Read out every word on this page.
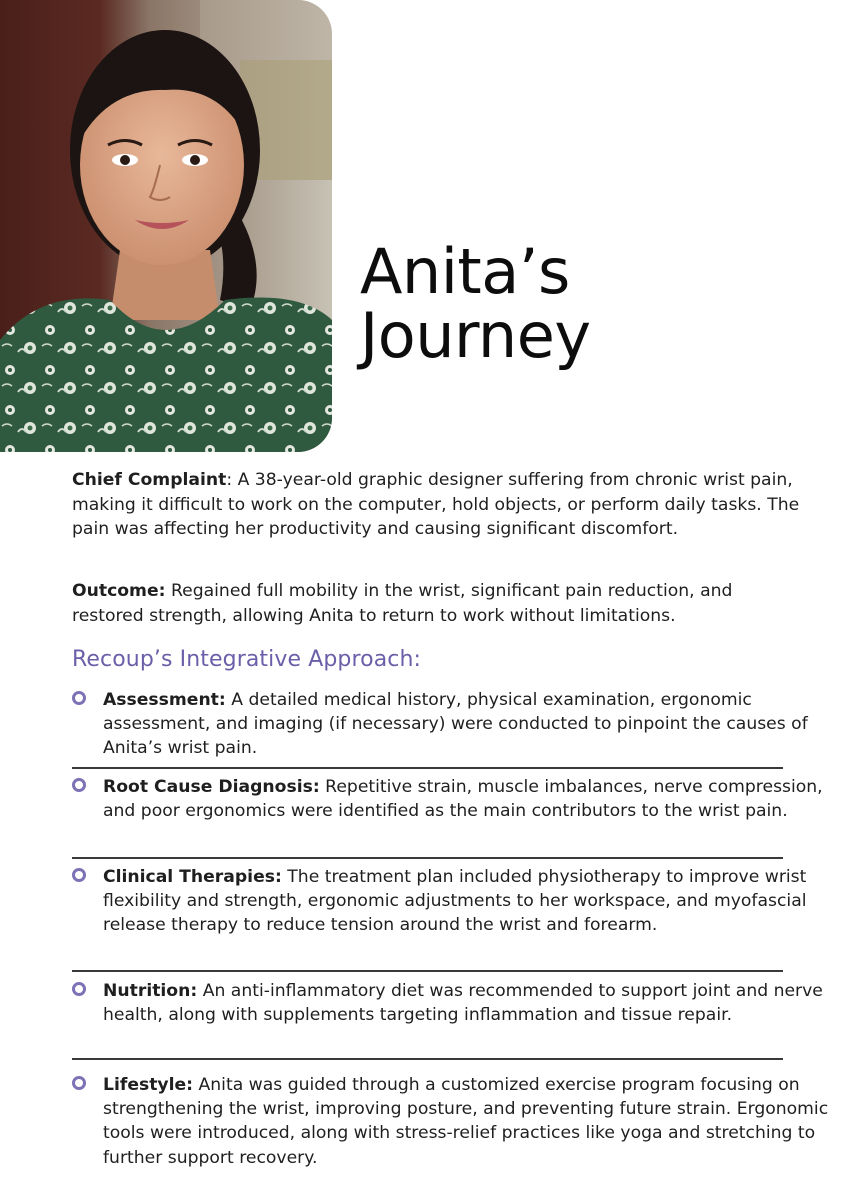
Anita’s
Journey
Chief Complaint: A 38-year-old graphic designer suffering from chronic wrist pain, making it difficult to work on the computer, hold objects, or perform daily tasks. The pain was affecting her productivity and causing significant discomfort.
Outcome: Regained full mobility in the wrist, significant pain reduction, and restored strength, allowing Anita to return to work without limitations.
Recoup’s Integrative Approach:
Assessment: A detailed medical history, physical examination, ergonomic assessment, and imaging (if necessary) were conducted to pinpoint the causes of Anita’s wrist pain.
Root Cause Diagnosis: Repetitive strain, muscle imbalances, nerve compression, and poor ergonomics were identified as the main contributors to the wrist pain.
Clinical Therapies: The treatment plan included physiotherapy to improve wrist flexibility and strength, ergonomic adjustments to her workspace, and myofascial release therapy to reduce tension around the wrist and forearm.
Nutrition: An anti-inflammatory diet was recommended to support joint and nerve health, along with supplements targeting inflammation and tissue repair.
Lifestyle: Anita was guided through a customized exercise program focusing on strengthening the wrist, improving posture, and preventing future strain. Ergonomic tools were introduced, along with stress-relief practices like yoga and stretching to further support recovery.
